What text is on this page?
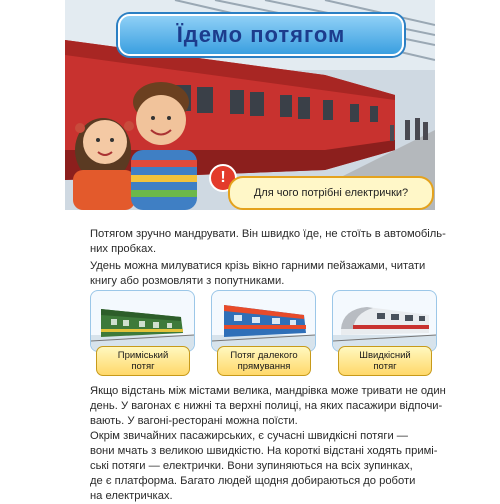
Їдемо потягом
!
Для чого потрібні електрички?

Потягом зручно мандрувати. Він швидко їде, не стоїть в автомобіль-
них пробках.

Удень можна милуватися крізь вікно гарними пейзажами, читати
книгу або розмовляти з попутниками.

Приміський
потяг
Потяг далекого
прямування
Швидкісний
потяг

Якщо відстань між містами велика, мандрівка може тривати не один
день. У вагонах є нижні та верхні полиці, на яких пасажири відпочи-
вають. У вагоні-ресторані можна поїсти.

Окрім звичайних пасажирських, є сучасні швидкісні потяги —
вони мчать з великою швидкістю. На короткі відстані ходять примі-
ські потяги — електрички. Вони зупиняються на всіх зупинках,
де є платформа. Багато людей щодня добираються до роботи
на електричках.
